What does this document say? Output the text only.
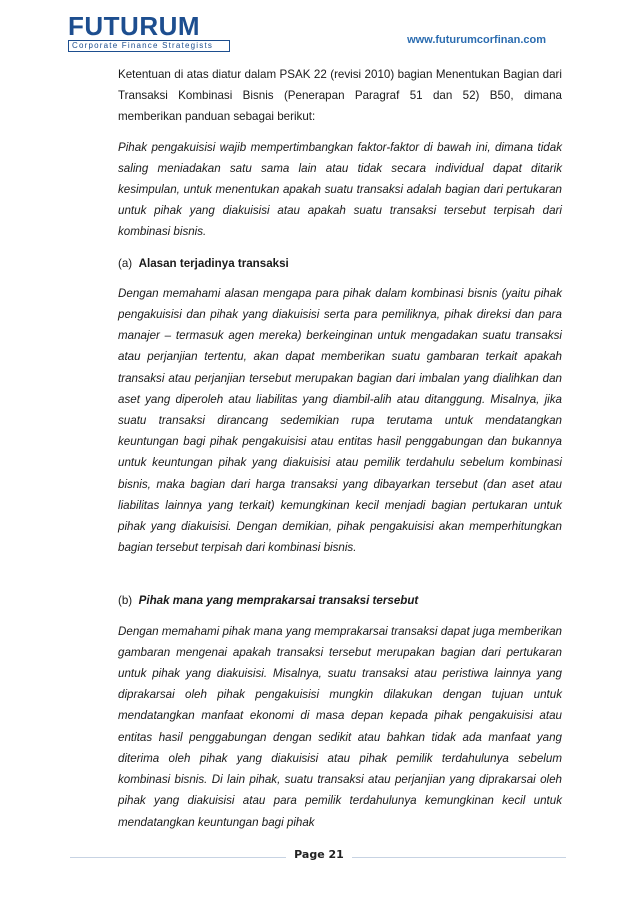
FUTURUM
Corporate Finance Strategists	www.futurumcorfinan.com

Ketentuan di atas diatur dalam PSAK 22 (revisi 2010) bagian Menentukan Bagian dari Transaksi Kombinasi Bisnis (Penerapan Paragraf 51 dan 52) B50, dimana memberikan panduan sebagai berikut:

Pihak pengakuisisi wajib mempertimbangkan faktor-faktor di bawah ini, dimana tidak saling meniadakan satu sama lain atau tidak secara individual dapat ditarik kesimpulan, untuk menentukan apakah suatu transaksi adalah bagian dari pertukaran untuk pihak yang diakuisisi atau apakah suatu transaksi tersebut terpisah dari kombinasi bisnis.

(a) Alasan terjadinya transaksi

Dengan memahami alasan mengapa para pihak dalam kombinasi bisnis (yaitu pihak pengakuisisi dan pihak yang diakuisisi serta para pemiliknya, pihak direksi dan para manajer – termasuk agen mereka) berkeinginan untuk mengadakan suatu transaksi atau perjanjian tertentu, akan dapat memberikan suatu gambaran terkait apakah transaksi atau perjanjian tersebut merupakan bagian dari imbalan yang dialihkan dan aset yang diperoleh atau liabilitas yang diambil-alih atau ditanggung. Misalnya, jika suatu transaksi dirancang sedemikian rupa terutama untuk mendatangkan keuntungan bagi pihak pengakuisisi atau entitas hasil penggabungan dan bukannya untuk keuntungan pihak yang diakuisisi atau pemilik terdahulu sebelum kombinasi bisnis, maka bagian dari harga transaksi yang dibayarkan tersebut (dan aset atau liabilitas lainnya yang terkait) kemungkinan kecil menjadi bagian pertukaran untuk pihak yang diakuisisi. Dengan demikian, pihak pengakuisisi akan memperhitungkan bagian tersebut terpisah dari kombinasi bisnis.

(b) Pihak mana yang memprakarsai transaksi tersebut

Dengan memahami pihak mana yang memprakarsai transaksi dapat juga memberikan gambaran mengenai apakah transaksi tersebut merupakan bagian dari pertukaran untuk pihak yang diakuisisi. Misalnya, suatu transaksi atau peristiwa lainnya yang diprakarsai oleh pihak pengakuisisi mungkin dilakukan dengan tujuan untuk mendatangkan manfaat ekonomi di masa depan kepada pihak pengakuisisi atau entitas hasil penggabungan dengan sedikit atau bahkan tidak ada manfaat yang diterima oleh pihak yang diakuisisi atau pihak pemilik terdahulunya sebelum kombinasi bisnis. Di lain pihak, suatu transaksi atau perjanjian yang diprakarsai oleh pihak yang diakuisisi atau para pemilik terdahulunya kemungkinan kecil untuk mendatangkan keuntungan bagi pihak

Page 21
